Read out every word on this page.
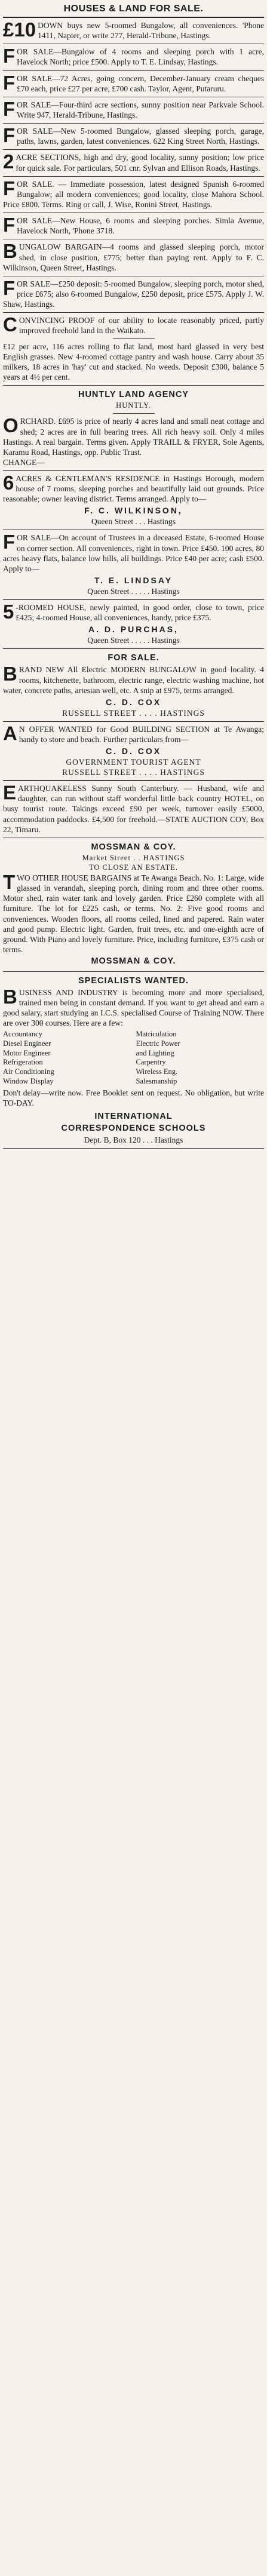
HOUSES & LAND FOR SALE.

£10 DOWN buys new 5-roomed Bungalow, all conveniences. 'Phone 1411, Napier, or write 277, Herald-Tribune, Hastings.

FOR SALE—Bungalow of 4 rooms and sleeping porch with 1 acre, Havelock North; price £500. Apply to T. E. Lindsay, Hastings.

FOR SALE—72 Acres, going concern, December-January cream cheques £70 each, price £27 per acre, £700 cash. Taylor, Agent, Putaruru.

FOR SALE—Four-third acre sections, sunny position near Parkvale School. Write 947, Herald-Tribune, Hastings.

FOR SALE—New 5-roomed Bungalow, glassed sleeping porch, garage, paths, lawns, garden, latest conveniences. 622 King Street North, Hastings.

2 ACRE SECTIONS, high and dry, good locality, sunny position; low price for quick sale. For particulars, 501 cnr. Sylvan and Ellison Roads, Hastings.

FOR SALE. — Immediate possession, latest designed Spanish 6-roomed Bungalow; all modern conveniences; good locality, close Mahora School. Price £800. Terms. Ring or call, J. Wise, Ronini Street, Hastings.

FOR SALE—New House, 6 rooms and sleeping porches. Simla Avenue, Havelock North, 'Phone 3718.

BUNGALOW BARGAIN—4 rooms and glassed sleeping porch, motor shed, in close position, £775; better than paying rent. Apply to F. C. Wilkinson, Queen Street, Hastings.

FOR SALE—£250 deposit: 5-roomed Bungalow, sleeping porch, motor shed, price £675; also 6-roomed Bungalow, £250 deposit, price £575. Apply J. W. Shaw, Hastings.

CONVINCING PROOF of our ability to locate reasonably priced, partly improved freehold land in the Waikato.

£12 per acre, 116 acres rolling to flat land, most hard glassed in very best English grasses. New 4-roomed cottage pantry and wash house. Carry about 35 milkers, 18 acres in 'hay' cut and stacked. No weeds. Deposit £300, balance 5 years at 4½ per cent.

HUNTLY LAND AGENCY
HUNTLY.

ORCHARD. £695 is price of nearly 4 acres land and small neat cottage and shed; 2 acres are in full bearing trees. All rich heavy soil. Only 4 miles Hastings. A real bargain. Terms given. Apply TRAILL & FRYER, Sole Agents, Karamu Road, Hastings, opp. Public Trust.

CHANGE—

6 ACRES & GENTLEMAN'S RESIDENCE in Hastings Borough, modern house of 7 rooms, sleeping porches and beautifully laid out grounds. Price reasonable; owner leaving district. Terms arranged. Apply to—

F. C. WILKINSON,
Queen Street . . . Hastings

FOR SALE—On account of Trustees in a deceased Estate, 6-roomed House on corner section. All conveniences, right in town. Price £450. 100 acres, 80 acres heavy flats, balance low hills, all buildings. Price £40 per acre; cash £500. Apply to—

T. E. LINDSAY
Queen Street . . . . . Hastings

5 -ROOMED HOUSE, newly painted, in good order, close to town, price £425; 4-roomed House, all conveniences, handy, price £375.

A. D. PURCHAS,
Queen Street . . . . . Hastings
FOR SALE.

BRAND NEW All Electric MODERN BUNGALOW in good locality. 4 rooms, kitchenette, bathroom, electric range, electric washing machine, hot water, concrete paths, artesian well, etc. A snip at £975, terms arranged.

C. D. COX
RUSSELL STREET . . . . HASTINGS

A N OFFER WANTED for Good BUILDING SECTION at Te Awanga; handy to store and beach. Further particulars from—

C. D. COX
GOVERNMENT TOURIST AGENT
RUSSELL STREET . . . . HASTINGS

EARTHQUAKELESS Sunny South Canterbury. — Husband, wife and daughter, can run without staff wonderful little back country HOTEL, on busy tourist route. Takings exceed £90 per week, turnover easily £5000, accommodation paddocks. £4,500 for freehold.—STATE AUCTION COY, Box 22, Timaru.

MOSSMAN & COY.
Market Street . . HASTINGS
TO CLOSE AN ESTATE.

TWO OTHER HOUSE BARGAINS at Te Awanga Beach. No. 1: Large, wide glassed in verandah, sleeping porch, dining room and three other rooms. Motor shed, rain water tank and lovely garden. Price £260 complete with all furniture. The lot for £225 cash, or terms. No. 2: Five good rooms and conveniences. Wooden floors, all rooms ceiled, lined and papered. Rain water and good pump. Electric light. Garden, fruit trees, etc. and one-eighth acre of ground. With Piano and lovely furniture. Price, including furniture, £375 cash or terms.

MOSSMAN & COY.
SPECIALISTS WANTED.

BUSINESS AND INDUSTRY is becoming more and more specialised, trained men being in constant demand. If you want to get ahead and earn a good salary, start studying an I.C.S. specialised Course of Training NOW. There are over 300 courses. Here are a few:

Accountancy	Matriculation
Diesel Engineer	Electric Power
Motor Engineer	and Lighting
Refrigeration	Carpentry
Air Conditioning	Wireless Eng.
Window Display	Salesmanship

Don't delay—write now. Free Booklet sent on request. No obligation, but write TO-DAY.

INTERNATIONAL
CORRESPONDENCE SCHOOLS
Dept. B, Box 120 . . . Hastings
